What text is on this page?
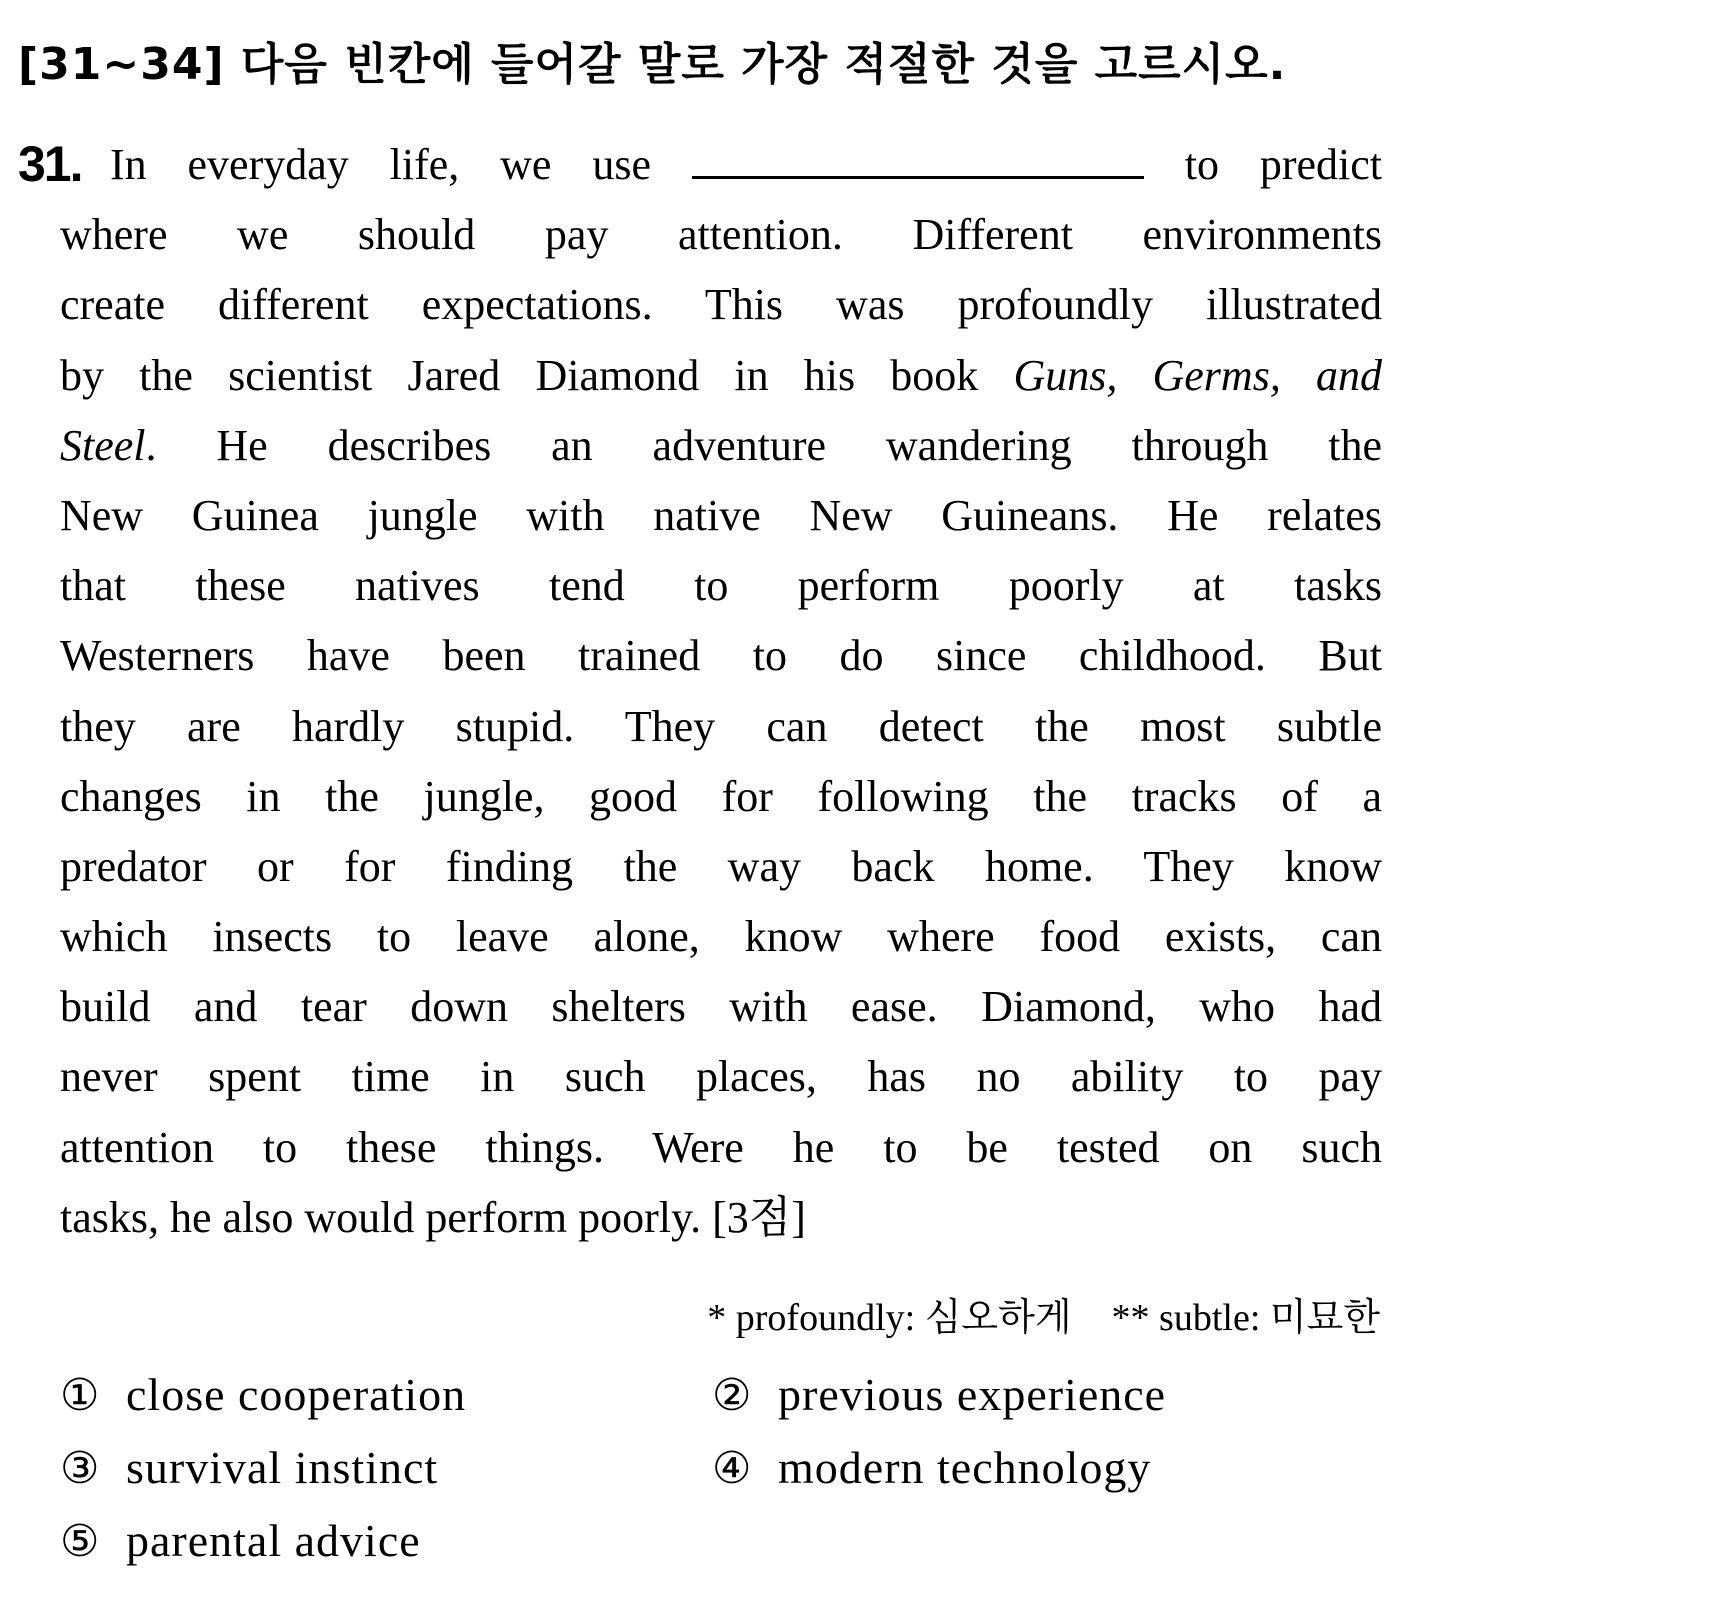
[31~34] 다음 빈칸에 들어갈 말로 가장 적절한 것을 고르시오.
31. In everyday life, we use	to predict
where we should pay attention. Different environments
create different expectations. This was profoundly illustrated
by the scientist Jared Diamond in his book Guns, Germs, and
Steel. He describes an adventure wandering through the
New Guinea jungle with native New Guineans. He relates
that these natives tend to perform poorly at tasks
Westerners have been trained to do since childhood. But
they are hardly stupid. They can detect the most subtle
changes in the jungle, good for following the tracks of a
predator or for finding the way back home. They know
which insects to leave alone, know where food exists, can
build and tear down shelters with ease. Diamond, who had
never spent time in such places, has no ability to pay
attention to these things. Were he to be tested on such
tasks, he also would perform poorly. [3점]
* profoundly: 심오하게 ** subtle: 미묘한
① close cooperation	② previous experience
③ survival instinct	④ modern technology
⑤ parental advice
